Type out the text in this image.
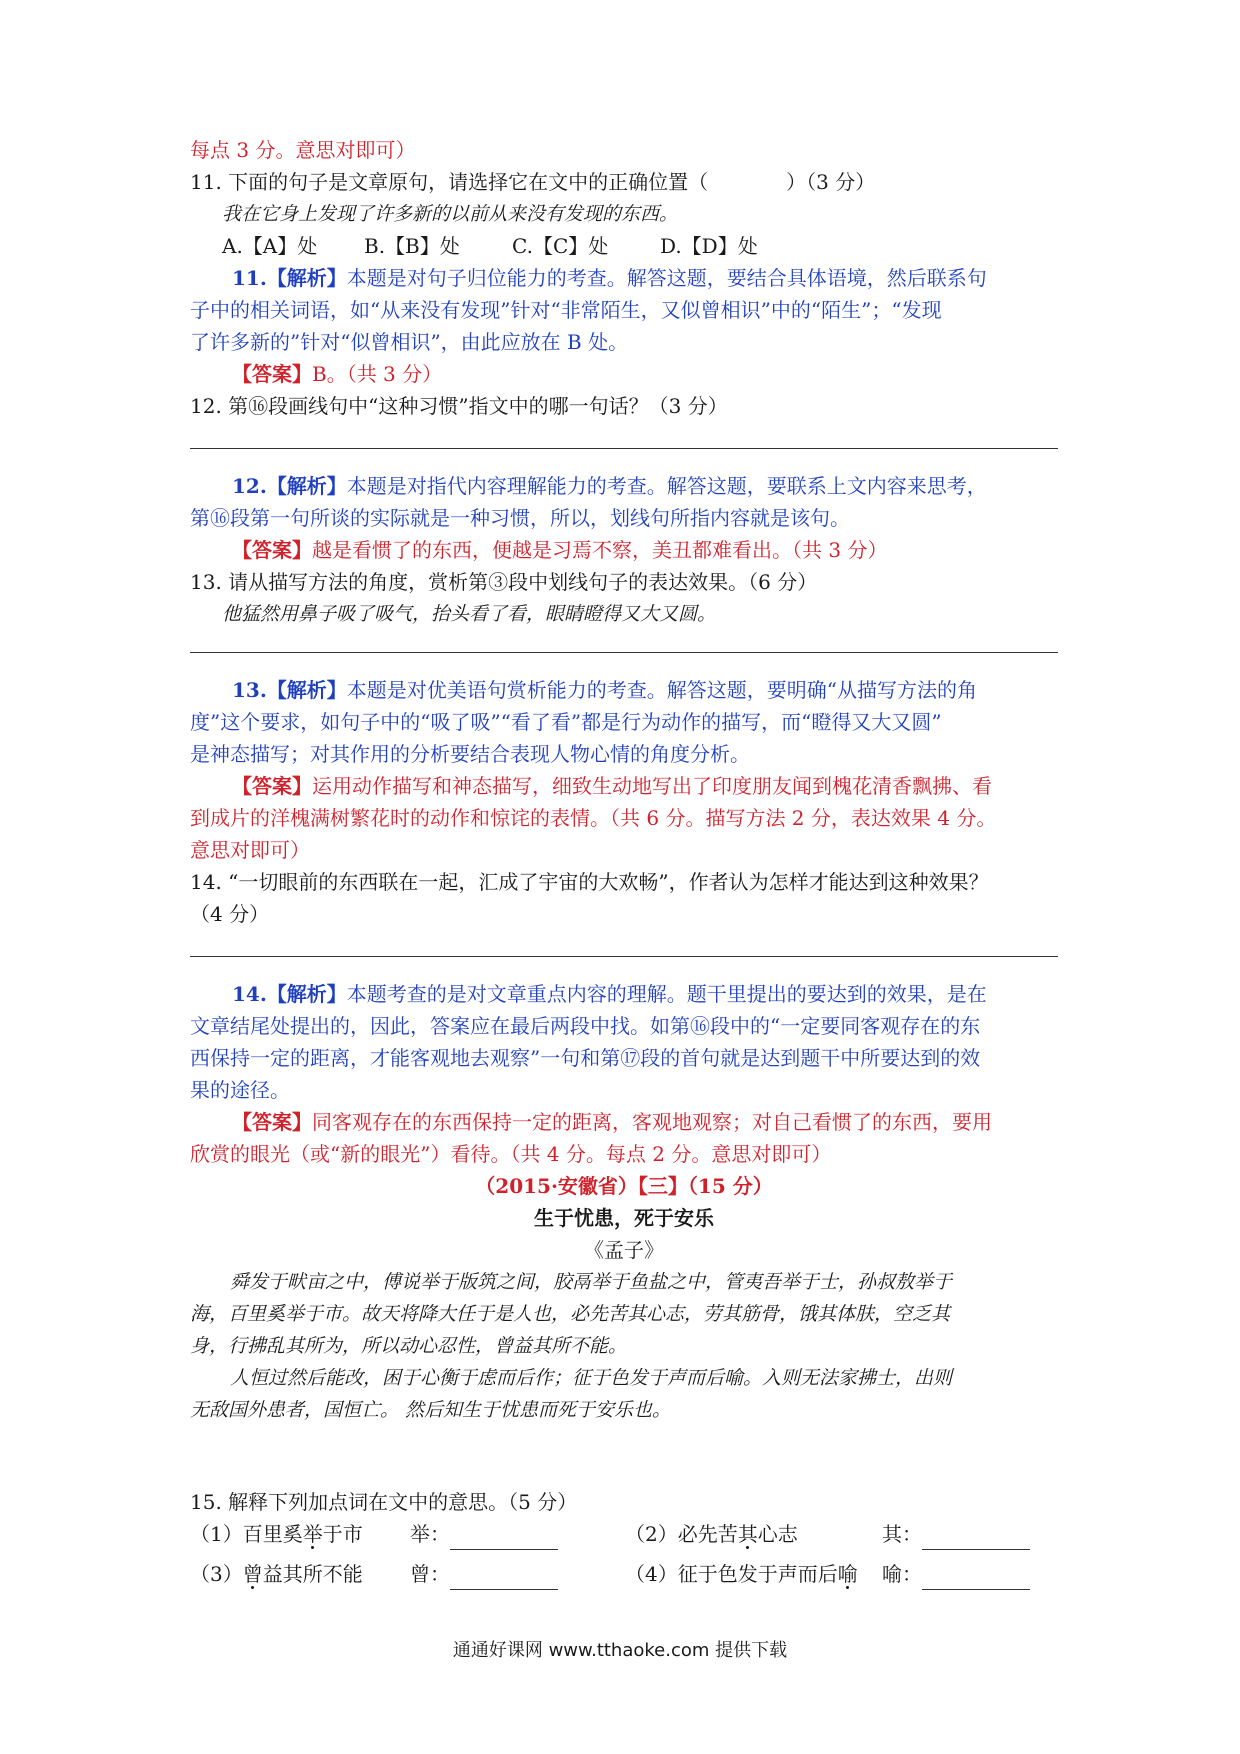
每点 3 分。意思对即可）
11. 下面的句子是文章原句，请选择它在文中的正确位置（	）（3 分）
我在它身上发现了许多新的以前从来没有发现的东西。
A.【A】处 B.【B】处	C.【C】处	D.【D】处
11.【解析】本题是对句子归位能力的考查。解答这题，要结合具体语境，然后联系句
子中的相关词语，如“从来没有发现”针对“非常陌生，又似曾相识”中的“陌生”；“发现
了许多新的”针对“似曾相识”，由此应放在 B 处。
【答案】B。（共 3 分）
12. 第⑯段画线句中“这种习惯”指文中的哪一句话？（3 分）
12.【解析】本题是对指代内容理解能力的考查。解答这题，要联系上文内容来思考，
第⑯段第一句所谈的实际就是一种习惯，所以，划线句所指内容就是该句。
【答案】越是看惯了的东西，便越是习焉不察，美丑都难看出。（共 3 分）
13. 请从描写方法的角度，赏析第③段中划线句子的表达效果。（6 分）
他猛然用鼻子吸了吸气，抬头看了看，眼睛瞪得又大又圆。
13.【解析】本题是对优美语句赏析能力的考查。解答这题，要明确“从描写方法的角
度”这个要求，如句子中的“吸了吸”“看了看”都是行为动作的描写，而“瞪得又大又圆”
是神态描写；对其作用的分析要结合表现人物心情的角度分析。
【答案】运用动作描写和神态描写，细致生动地写出了印度朋友闻到槐花清香飘拂、看
到成片的洋槐满树繁花时的动作和惊诧的表情。（共 6 分。描写方法 2 分，表达效果 4 分。
意思对即可）
14. “一切眼前的东西联在一起，汇成了宇宙的大欢畅”，作者认为怎样才能达到这种效果？
（4 分）
14.【解析】本题考查的是对文章重点内容的理解。题干里提出的要达到的效果，是在
文章结尾处提出的，因此，答案应在最后两段中找。如第⑯段中的“一定要同客观存在的东
西保持一定的距离，才能客观地去观察”一句和第⑰段的首句就是达到题干中所要达到的效
果的途径。
【答案】同客观存在的东西保持一定的距离，客观地观察；对自己看惯了的东西，要用
欣赏的眼光（或“新的眼光”）看待。（共 4 分。每点 2 分。意思对即可）
（2015·安徽省）【三】（15 分）
生于忧患，死于安乐
《孟子》
舜发于畎亩之中，傅说举于版筑之间，胶鬲举于鱼盐之中，管夷吾举于士，孙叔敖举于
海，百里奚举于市。故天将降大任于是人也，必先苦其心志，劳其筋骨，饿其体肤，空乏其
身，行拂乱其所为，所以动心忍性，曾益其所不能。
人恒过然后能改，困于心衡于虑而后作；征于色发于声而后喻。入则无法家拂士，出则
无敌国外患者，国恒亡。 然后知生于忧患而死于安乐也。
15. 解释下列加点词在文中的意思。（5 分）
（1）百里奚举于市 举：	（2）必先苦其心志	其：
（3）曾益其所不能 曾：	（4）征于色发于声而后喻 喻：
通通好课网 www.tthaoke.com 提供下载
